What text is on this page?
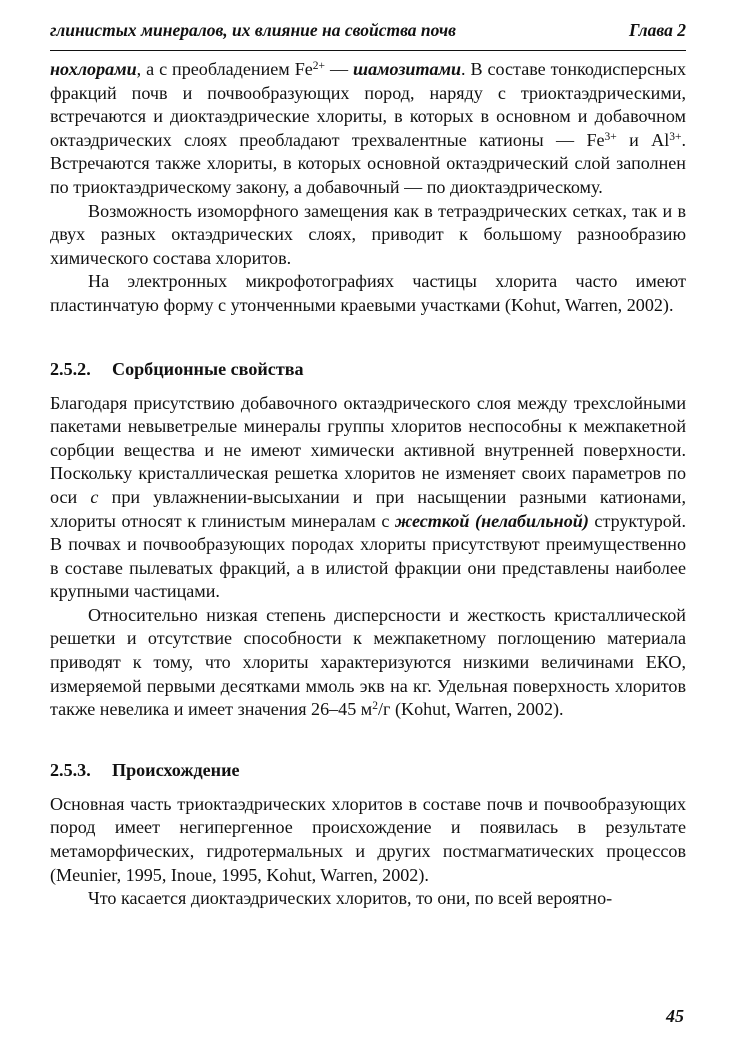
глинистых минералов, их влияние на свойства почв	Глава 2

нохлорами, а с преобладением $Fe^{2+}$ — шамозитами. В составе тонкодисперсных фракций почв и почвообразующих пород, наряду с триоктаэдрическими, встречаются и диоктаэдрические хлориты, в которых в основном и добавочном октаэдрических слоях преобладают трехвалентные катионы — $Fe^{3+}$ и $Al^{3+}$. Встречаются также хлориты, в которых основной октаэдрический слой заполнен по триоктаэдрическому закону, а добавочный — по диоктаэдрическому.

Возможность изоморфного замещения как в тетраэдрических сетках, так и в двух разных октаэдрических слоях, приводит к большому разнообразию химического состава хлоритов.

На электронных микрофотографиях частицы хлорита часто имеют пластинчатую форму с утонченными краевыми участками (Kohut, Warren, 2002).

2.5.2. Сорбционные свойства

Благодаря присутствию добавочного октаэдрического слоя между трехслойными пакетами невыветрелые минералы группы хлоритов неспособны к межпакетной сорбции вещества и не имеют химически активной внутренней поверхности. Поскольку кристаллическая решетка хлоритов не изменяет своих параметров по оси c при увлажнении-высыхании и при насыщении разными катионами, хлориты относят к глинистым минералам с жесткой (нелабильной) структурой. В почвах и почвообразующих породах хлориты присутствуют преимущественно в составе пылеватых фракций, а в илистой фракции они представлены наиболее крупными частицами.

Относительно низкая степень дисперсности и жесткость кристаллической решетки и отсутствие способности к межпакетному поглощению материала приводят к тому, что хлориты характеризуются низкими величинами ЕКО, измеряемой первыми десятками ммоль экв на кг. Удельная поверхность хлоритов также невелика и имеет значения 26–45 $м^2/г$ (Kohut, Warren, 2002).

2.5.3. Происхождение

Основная часть триоктаэдрических хлоритов в составе почв и почвообразующих пород имеет негипергенное происхождение и появилась в результате метаморфических, гидротермальных и других постмагматических процессов (Meunier, 1995, Inoue, 1995, Kohut, Warren, 2002).

Что касается диоктаэдрических хлоритов, то они, по всей вероятно-

45
